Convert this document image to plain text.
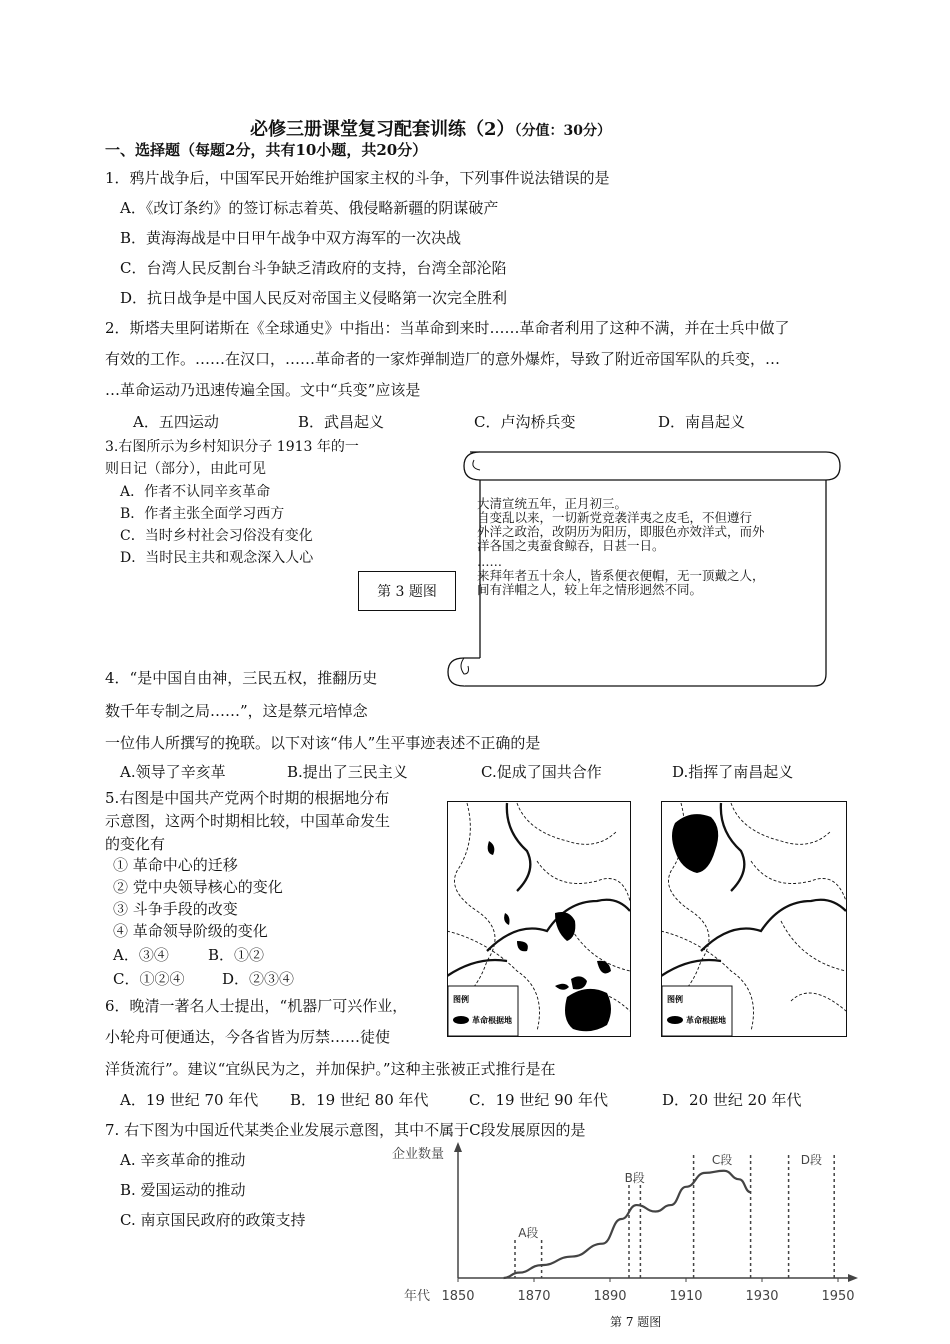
必修三册课堂复习配套训练（2）（分值：30分）
一、选择题（每题2分，共有10小题，共20分）
1．鸦片战争后，中国军民开始维护国家主权的斗争，下列事件说法错误的是
A．《改订条约》的签订标志着英、俄侵略新疆的阴谋破产
B．黄海海战是中日甲午战争中双方海军的一次决战
C．台湾人民反割台斗争缺乏清政府的支持，台湾全部沦陷
D．抗日战争是中国人民反对帝国主义侵略第一次完全胜利
2．斯塔夫里阿诺斯在《全球通史》中指出：当革命到来时……革命者利用了这种不满，并在士兵中做了
有效的工作。……在汉口，……革命者的一家炸弹制造厂的意外爆炸，导致了附近帝国军队的兵变，…
…革命运动乃迅速传遍全国。文中“兵变”应该是
A．五四运动	B．武昌起义	C．卢沟桥兵变	D．南昌起义
3.右图所示为乡村知识分子 1913 年的一
则日记（部分），由此可见
A．作者不认同辛亥革命
B．作者主张全面学习西方
C．当时乡村社会习俗没有变化
D．当时民主共和观念深入人心
第 3 题图
大清宣统五年，正月初三。
自变乱以来，一切新党竞袭洋夷之皮毛，不但遵行
外洋之政治，改阴历为阳历，即服色亦效洋式，而外
洋各国之夷蚕食鲸吞，日甚一日。
……
来拜年者五十余人，皆系便衣便帽，无一顶戴之人，
间有洋帽之人，较上年之情形迥然不同。
4．“是中国自由神，三民五权，推翻历史
数千年专制之局……”，这是蔡元培悼念
一位伟人所撰写的挽联。以下对该“伟人”生平事迹表述不正确的是
A.领导了辛亥革	B.提出了三民主义	C.促成了国共合作	D.指挥了南昌起义
5.右图是中国共产党两个时期的根据地分布
示意图，这两个时期相比较，中国革命发生
的变化有
① 革命中心的迁移
② 党中央领导核心的变化
③ 斗争手段的改变
④ 革命领导阶级的变化
A．③④	B．①②
C．①②④	D．②③④
图例
革命根据地
图例
革命根据地
6．晚清一著名人士提出，“机器厂可兴作业，
小轮舟可便通达，今各省皆为厉禁……徒使
洋货流行”。建议“宜纵民为之，并加保护。”这种主张被正式推行是在
A．19 世纪 70 年代 B．19 世纪 80 年代	C．19 世纪 90 年代	D．20 世纪 20 年代
7. 右下图为中国近代某类企业发展示意图，其中不属于C段发展原因的是
A. 辛亥革命的推动
B. 爱国运动的推动
C. 南京国民政府的政策支持
企业数量
年代 1850	1870	1890	1910	1930	1950
A段
B段
C段	D段
第 7 题图
